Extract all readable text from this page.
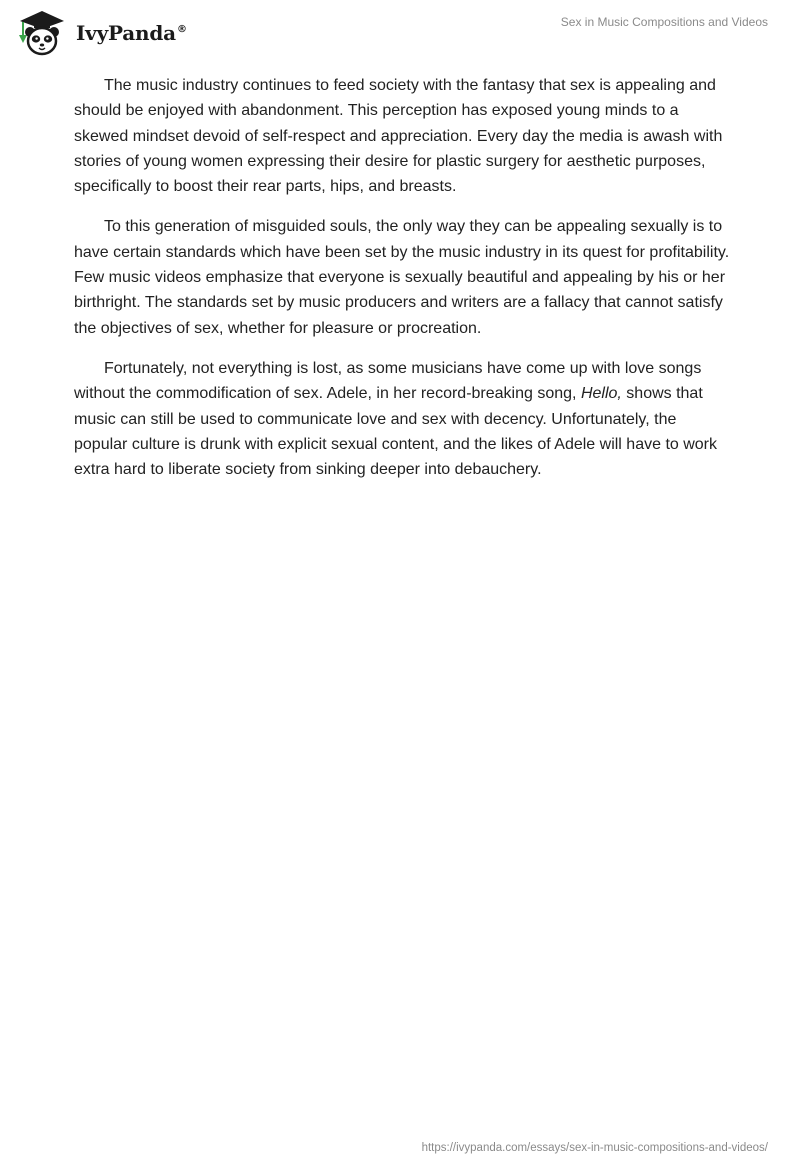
IvyPanda®
Sex in Music Compositions and Videos

The music industry continues to feed society with the fantasy that sex is appealing and should be enjoyed with abandonment. This perception has exposed young minds to a skewed mindset devoid of self-respect and appreciation. Every day the media is awash with stories of young women expressing their desire for plastic surgery for aesthetic purposes, specifically to boost their rear parts, hips, and breasts.

To this generation of misguided souls, the only way they can be appealing sexually is to have certain standards which have been set by the music industry in its quest for profitability. Few music videos emphasize that everyone is sexually beautiful and appealing by his or her birthright. The standards set by music producers and writers are a fallacy that cannot satisfy the objectives of sex, whether for pleasure or procreation.

Fortunately, not everything is lost, as some musicians have come up with love songs without the commodification of sex. Adele, in her record-breaking song, Hello, shows that music can still be used to communicate love and sex with decency. Unfortunately, the popular culture is drunk with explicit sexual content, and the likes of Adele will have to work extra hard to liberate society from sinking deeper into debauchery.

https://ivypanda.com/essays/sex-in-music-compositions-and-videos/
